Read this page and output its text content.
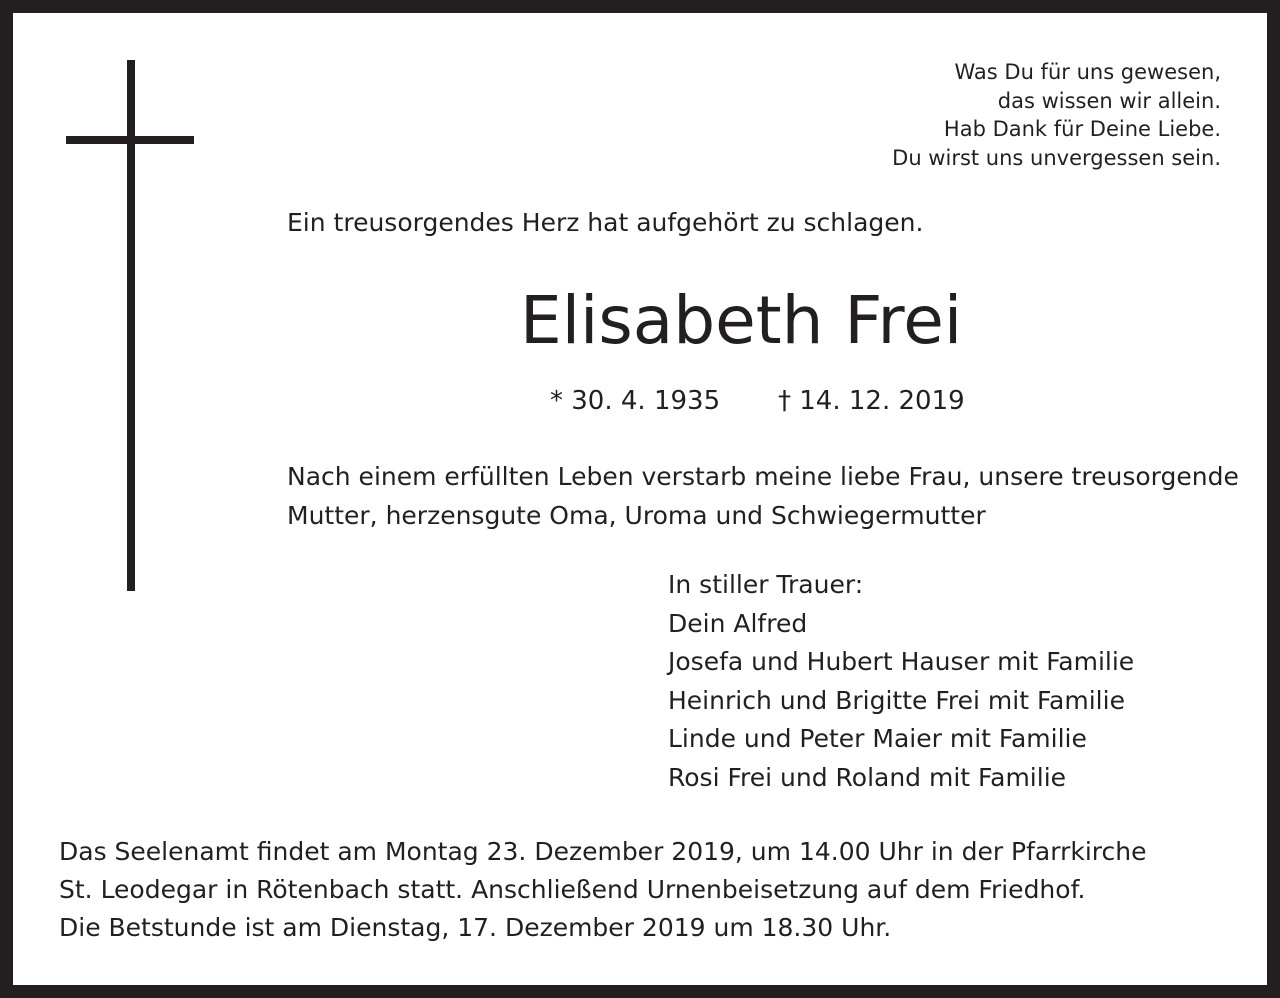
Was Du für uns gewesen,
das wissen wir allein.
Hab Dank für Deine Liebe.
Du wirst uns unvergessen sein.
Ein treusorgendes Herz hat aufgehört zu schlagen.
Elisabeth Frei
* 30. 4. 1935 † 14. 12. 2019
Nach einem erfüllten Leben verstarb meine liebe Frau, unsere treusorgende
Mutter, herzensgute Oma, Uroma und Schwiegermutter
In stiller Trauer:
Dein Alfred
Josefa und Hubert Hauser mit Familie
Heinrich und Brigitte Frei mit Familie
Linde und Peter Maier mit Familie
Rosi Frei und Roland mit Familie
Das Seelenamt findet am Montag 23. Dezember 2019, um 14.00 Uhr in der Pfarrkirche
St. Leodegar in Rötenbach statt. Anschließend Urnenbeisetzung auf dem Friedhof.
Die Betstunde ist am Dienstag, 17. Dezember 2019 um 18.30 Uhr.
